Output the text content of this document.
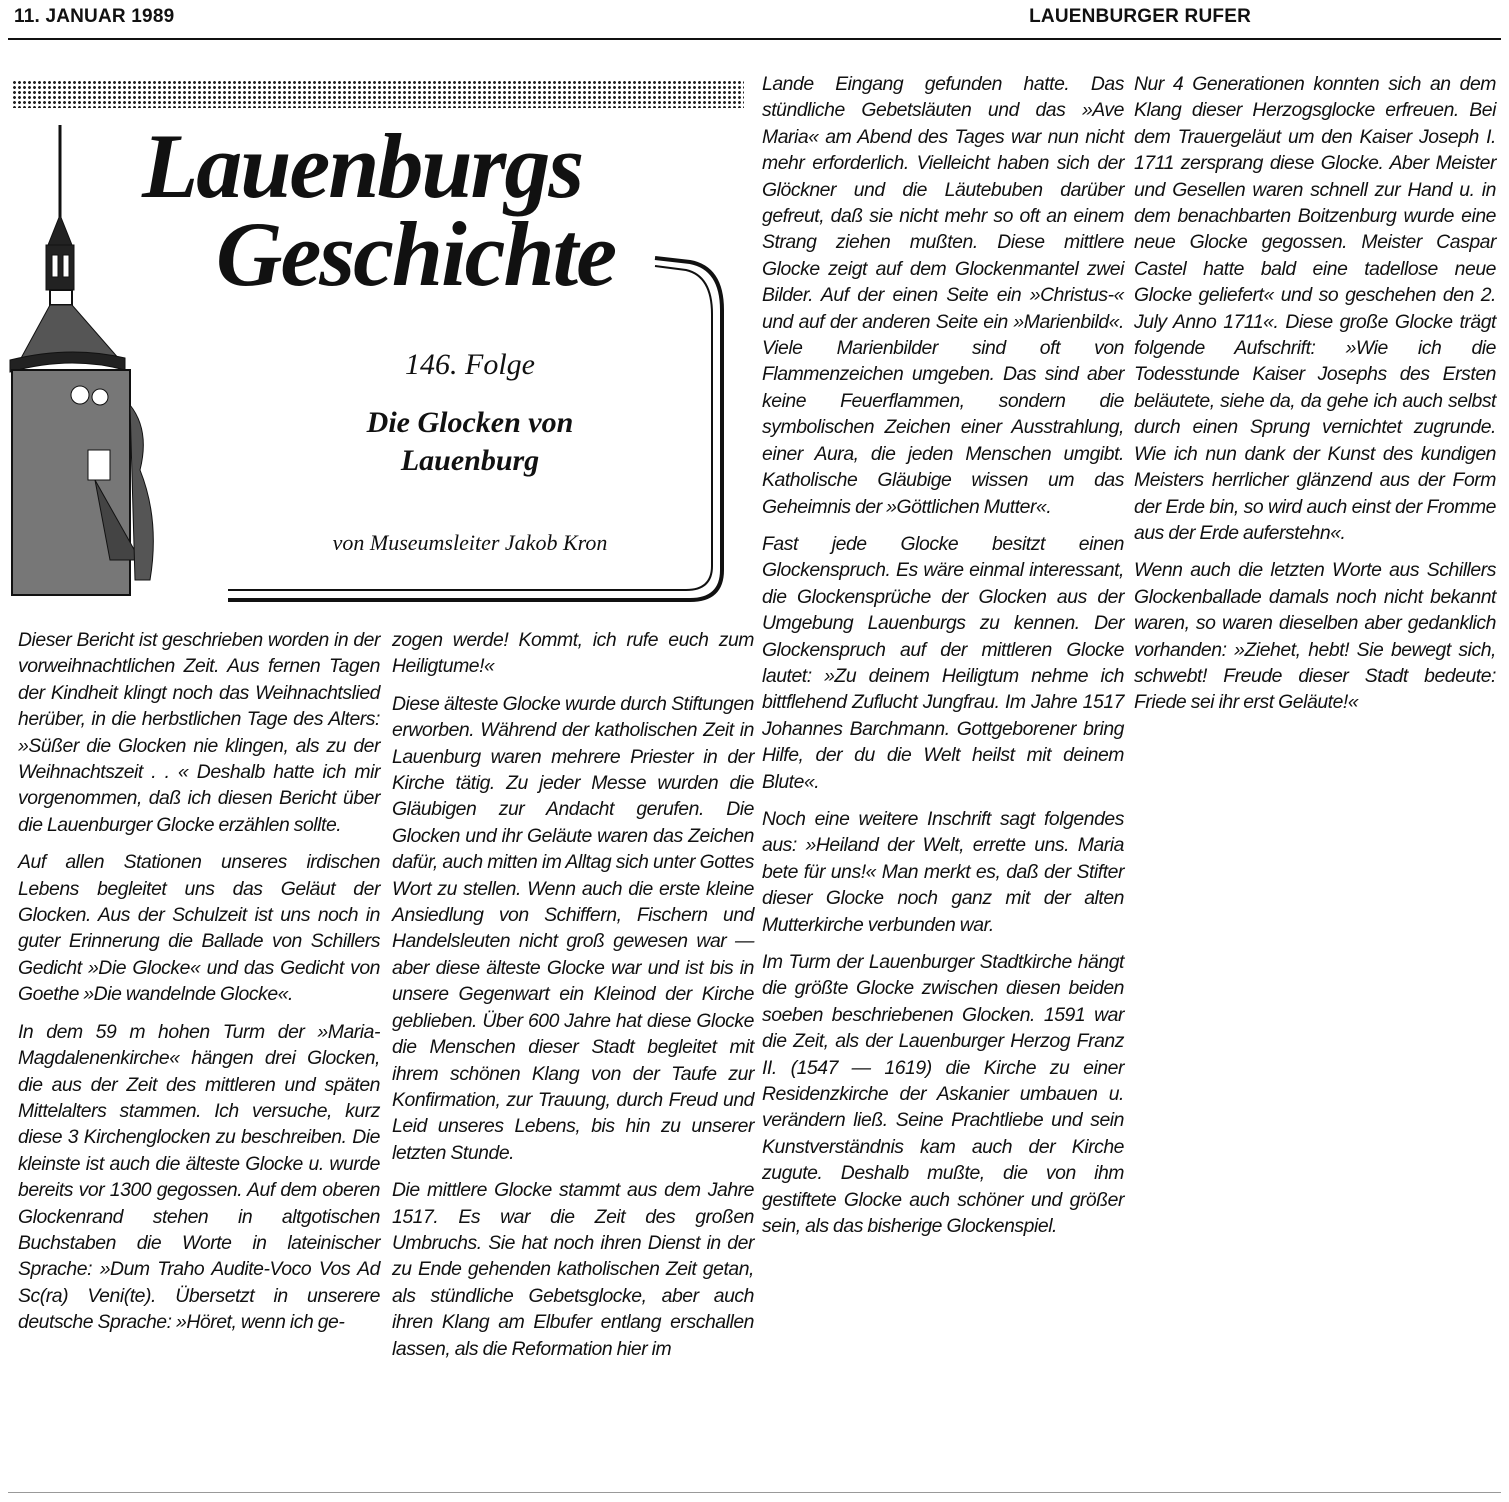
11. JANUAR 1989	LAUENBURGER RUFER
Lauenburgs
Geschichte
146. Folge
Die Glocken von Lauenburg
von Museumsleiter Jakob Kron

Dieser Bericht ist geschrieben worden in der vorweihnachtlichen Zeit. Aus fernen Tagen der Kindheit klingt noch das Weihnachtslied herüber, in die herbstlichen Tage des Alters: »Süßer die Glocken nie klingen, als zu der Weihnachtszeit . . « Deshalb hatte ich mir vorgenommen, daß ich diesen Bericht über die Lauenburger Glocke erzählen sollte.

Auf allen Stationen unseres irdischen Lebens begleitet uns das Geläut der Glocken. Aus der Schulzeit ist uns noch in guter Erinnerung die Ballade von Schillers Gedicht »Die Glocke« und das Gedicht von Goethe »Die wandelnde Glocke«.

In dem 59 m hohen Turm der »Maria-Magdalenenkirche« hängen drei Glocken, die aus der Zeit des mittleren und späten Mittelalters stammen. Ich versuche, kurz diese 3 Kirchenglocken zu beschreiben. Die kleinste ist auch die älteste Glocke u. wurde bereits vor 1300 gegossen. Auf dem oberen Glockenrand stehen in altgotischen Buchstaben die Worte in lateinischer Sprache: »Dum Traho Audite-Voco Vos Ad Sc(ra) Veni(te). Übersetzt in unserere deutsche Sprache: »Höret, wenn ich ge-

zogen werde! Kommt, ich rufe euch zum Heiligtume!«

Diese älteste Glocke wurde durch Stiftungen erworben. Während der katholischen Zeit in Lauenburg waren mehrere Priester in der Kirche tätig. Zu jeder Messe wurden die Gläubigen zur Andacht gerufen. Die Glocken und ihr Geläute waren das Zeichen dafür, auch mitten im Alltag sich unter Gottes Wort zu stellen. Wenn auch die erste kleine Ansiedlung von Schiffern, Fischern und Handelsleuten nicht groß gewesen war — aber diese älteste Glocke war und ist bis in unsere Gegenwart ein Kleinod der Kirche geblieben. Über 600 Jahre hat diese Glocke die Menschen dieser Stadt begleitet mit ihrem schönen Klang von der Taufe zur Konfirmation, zur Trauung, durch Freud und Leid unseres Lebens, bis hin zu unserer letzten Stunde.

Die mittlere Glocke stammt aus dem Jahre 1517. Es war die Zeit des großen Umbruchs. Sie hat noch ihren Dienst in der zu Ende gehenden katholischen Zeit getan, als stündliche Gebetsglocke, aber auch ihren Klang am Elbufer entlang erschallen lassen, als die Reformation hier im

Lande Eingang gefunden hatte. Das stündliche Gebetsläuten und das »Ave Maria« am Abend des Tages war nun nicht mehr erforderlich. Vielleicht haben sich der Glöckner und die Läutebuben darüber gefreut, daß sie nicht mehr so oft an einem Strang ziehen mußten. Diese mittlere Glocke zeigt auf dem Glockenmantel zwei Bilder. Auf der einen Seite ein »Christus-« und auf der anderen Seite ein »Marienbild«. Viele Marienbilder sind oft von Flammenzeichen umgeben. Das sind aber keine Feuerflammen, sondern die symbolischen Zeichen einer Ausstrahlung, einer Aura, die jeden Menschen umgibt. Katholische Gläubige wissen um das Geheimnis der »Göttlichen Mutter«.

Fast jede Glocke besitzt einen Glockenspruch. Es wäre einmal interessant, die Glockensprüche der Glocken aus der Umgebung Lauenburgs zu kennen. Der Glockenspruch auf der mittleren Glocke lautet: »Zu deinem Heiligtum nehme ich bittflehend Zuflucht Jungfrau. Im Jahre 1517 Johannes Barchmann. Gottgeborener bring Hilfe, der du die Welt heilst mit deinem Blute«.

Noch eine weitere Inschrift sagt folgendes aus: »Heiland der Welt, errette uns. Maria bete für uns!« Man merkt es, daß der Stifter dieser Glocke noch ganz mit der alten Mutterkirche verbunden war.

Im Turm der Lauenburger Stadtkirche hängt die größte Glocke zwischen diesen beiden soeben beschriebenen Glocken. 1591 war die Zeit, als der Lauenburger Herzog Franz II. (1547 — 1619) die Kirche zu einer Residenzkirche der Askanier umbauen u. verändern ließ. Seine Prachtliebe und sein Kunstverständnis kam auch der Kirche zugute. Deshalb mußte, die von ihm gestiftete Glocke auch schöner und größer sein, als das bisherige Glockenspiel.

Nur 4 Generationen konnten sich an dem Klang dieser Herzogsglocke erfreuen. Bei dem Trauergeläut um den Kaiser Joseph I. 1711 zersprang diese Glocke. Aber Meister und Gesellen waren schnell zur Hand u. in dem benachbarten Boitzenburg wurde eine neue Glocke gegossen. Meister Caspar Castel hatte bald eine tadellose neue Glocke geliefert« und so geschehen den 2. July Anno 1711«. Diese große Glocke trägt folgende Aufschrift: »Wie ich die Todesstunde Kaiser Josephs des Ersten beläutete, siehe da, da gehe ich auch selbst durch einen Sprung vernichtet zugrunde. Wie ich nun dank der Kunst des kundigen Meisters herrlicher glänzend aus der Form der Erde bin, so wird auch einst der Fromme aus der Erde auferstehn«.

Wenn auch die letzten Worte aus Schillers Glockenballade damals noch nicht bekannt waren, so waren dieselben aber gedanklich vorhanden: »Ziehet, hebt! Sie bewegt sich, schwebt! Freude dieser Stadt bedeute: Friede sei ihr erst Geläute!«
